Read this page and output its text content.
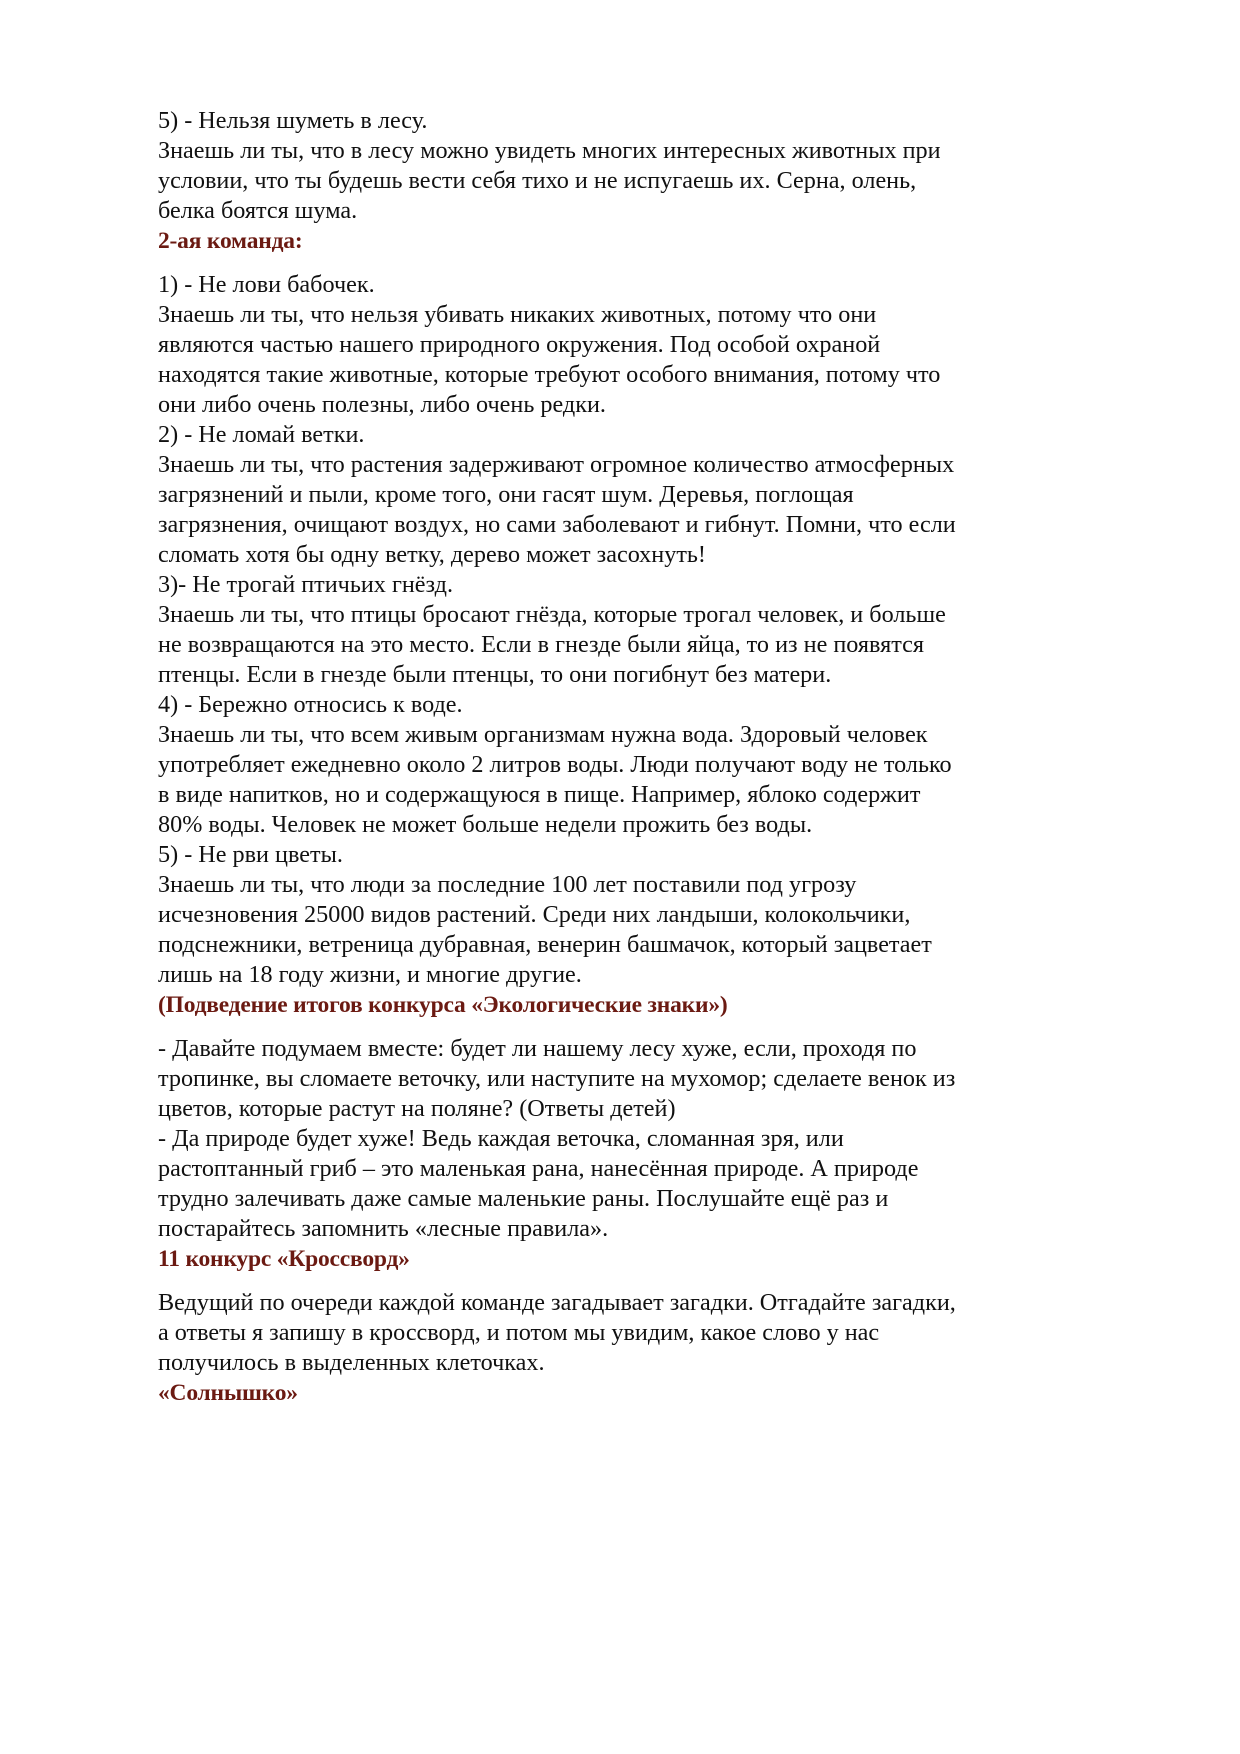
5) - Нельзя шуметь в лесу.
Знаешь ли ты, что в лесу можно увидеть многих интересных животных при
условии, что ты будешь вести себя тихо и не испугаешь их. Серна, олень,
белка боятся шума.
2-ая команда:
1) - Не лови бабочек.
Знаешь ли ты, что нельзя убивать никаких животных, потому что они
являются частью нашего природного окружения. Под особой охраной
находятся такие животные, которые требуют особого внимания, потому что
они либо очень полезны, либо очень редки.
2) - Не ломай ветки.
Знаешь ли ты, что растения задерживают огромное количество атмосферных
загрязнений и пыли, кроме того, они гасят шум. Деревья, поглощая
загрязнения, очищают воздух, но сами заболевают и гибнут. Помни, что если
сломать хотя бы одну ветку, дерево может засохнуть!
3)- Не трогай птичьих гнёзд.
Знаешь ли ты, что птицы бросают гнёзда, которые трогал человек, и больше
не возвращаются на это место. Если в гнезде были яйца, то из не появятся
птенцы. Если в гнезде были птенцы, то они погибнут без матери.
4) - Бережно относись к воде.
Знаешь ли ты, что всем живым организмам нужна вода. Здоровый человек
употребляет ежедневно около 2 литров воды. Люди получают воду не только
в виде напитков, но и содержащуюся в пище. Например, яблоко содержит
80% воды. Человек не может больше недели прожить без воды.
5) - Не рви цветы.
Знаешь ли ты, что люди за последние 100 лет поставили под угрозу
исчезновения 25000 видов растений. Среди них ландыши, колокольчики,
подснежники, ветреница дубравная, венерин башмачок, который зацветает
лишь на 18 году жизни, и многие другие.
(Подведение итогов конкурса «Экологические знаки»)
- Давайте подумаем вместе: будет ли нашему лесу хуже, если, проходя по
тропинке, вы сломаете веточку, или наступите на мухомор; сделаете венок из
цветов, которые растут на поляне? (Ответы детей)
- Да природе будет хуже! Ведь каждая веточка, сломанная зря, или
растоптанный гриб – это маленькая рана, нанесённая природе. А природе
трудно залечивать даже самые маленькие раны. Послушайте ещё раз и
постарайтесь запомнить «лесные правила».
11 конкурс «Кроссворд»
Ведущий по очереди каждой команде загадывает загадки. Отгадайте загадки,
а ответы я запишу в кроссворд, и потом мы увидим, какое слово у нас
получилось в выделенных клеточках.
«Солнышко»
